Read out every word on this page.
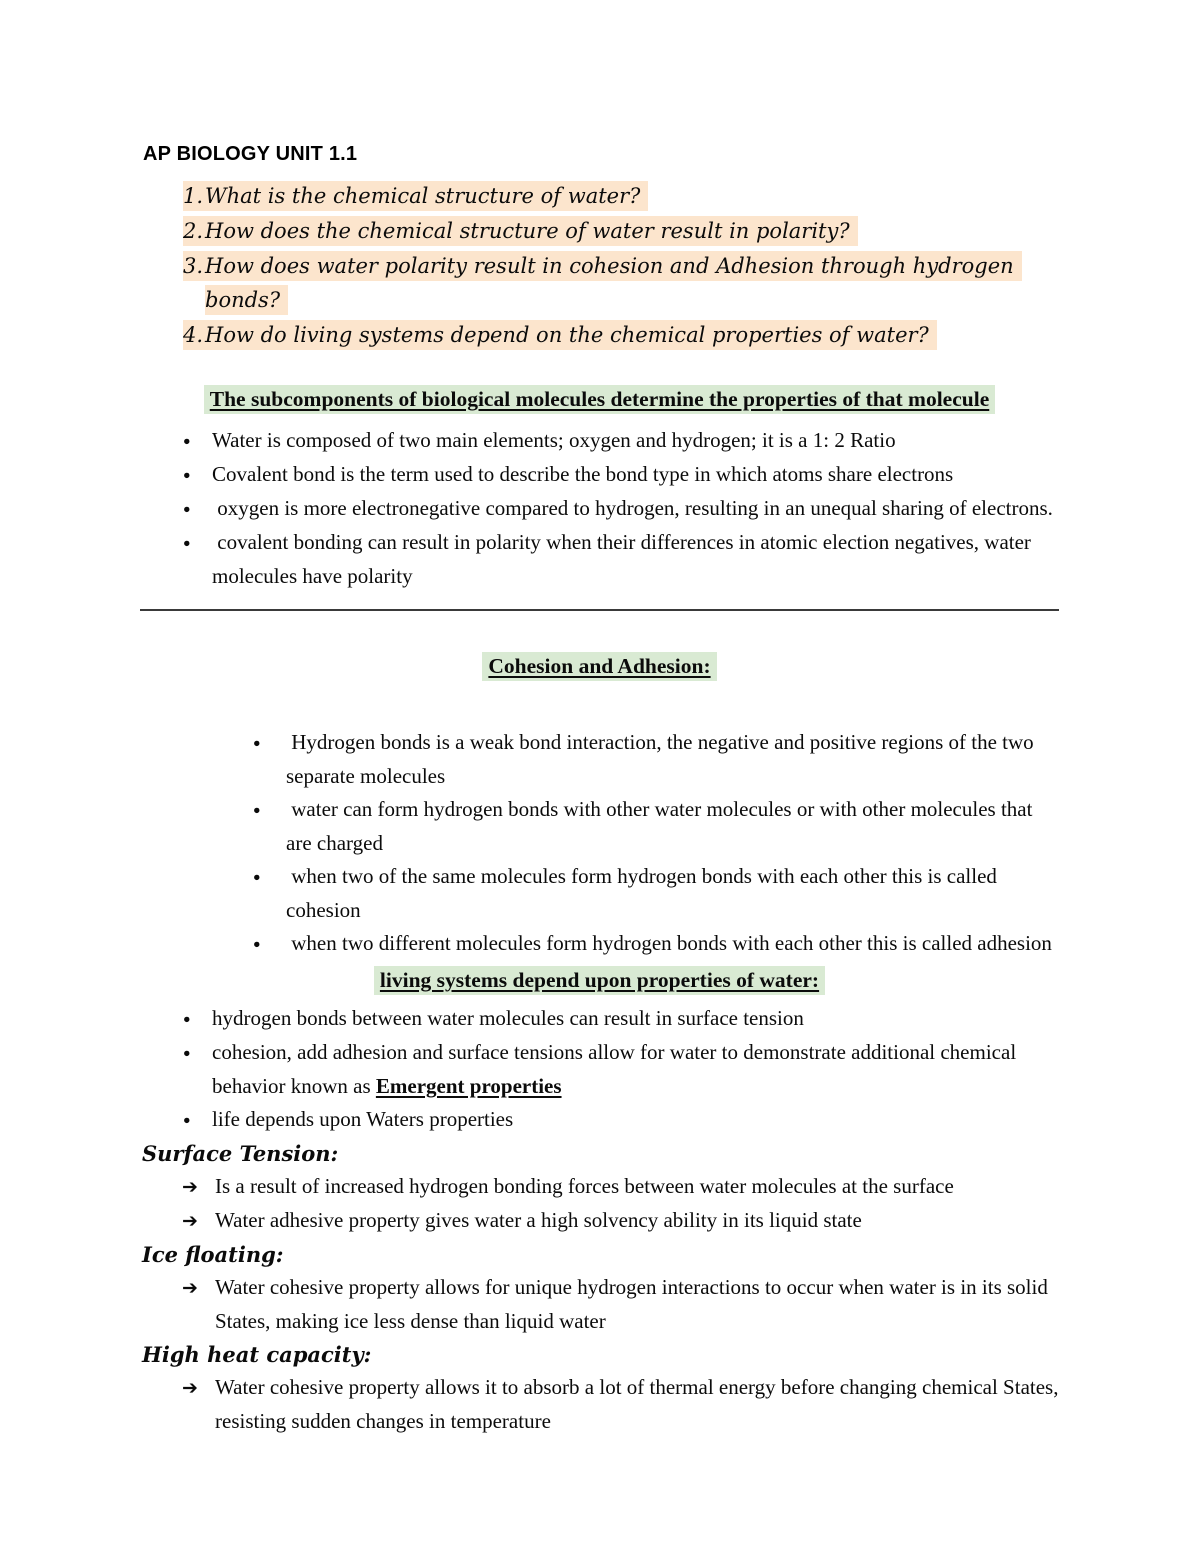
AP BIOLOGY UNIT 1.1
1.What is the chemical structure of water?
2.How does the chemical structure of water result in polarity?
3.How does water polarity result in cohesion and Adhesion through hydrogen bonds?
4.How do living systems depend on the chemical properties of water?
The subcomponents of biological molecules determine the properties of that molecule
● Water is composed of two main elements; oxygen and hydrogen; it is a 1: 2 Ratio
● Covalent bond is the term used to describe the bond type in which atoms share electrons
● oxygen is more electronegative compared to hydrogen, resulting in an unequal sharing of electrons.
● covalent bonding can result in polarity when their differences in atomic election negatives, water molecules have polarity
Cohesion and Adhesion:
● Hydrogen bonds is a weak bond interaction, the negative and positive regions of the two separate molecules
● water can form hydrogen bonds with other water molecules or with other molecules that are charged
● when two of the same molecules form hydrogen bonds with each other this is called cohesion
● when two different molecules form hydrogen bonds with each other this is called adhesion
living systems depend upon properties of water:
● hydrogen bonds between water molecules can result in surface tension
● cohesion, add adhesion and surface tensions allow for water to demonstrate additional chemical behavior known as Emergent properties
● life depends upon Waters properties
Surface Tension:
➔ Is a result of increased hydrogen bonding forces between water molecules at the surface
➔ Water adhesive property gives water a high solvency ability in its liquid state
Ice floating:
➔ Water cohesive property allows for unique hydrogen interactions to occur when water is in its solid States, making ice less dense than liquid water
High heat capacity:
➔ Water cohesive property allows it to absorb a lot of thermal energy before changing chemical States, resisting sudden changes in temperature
